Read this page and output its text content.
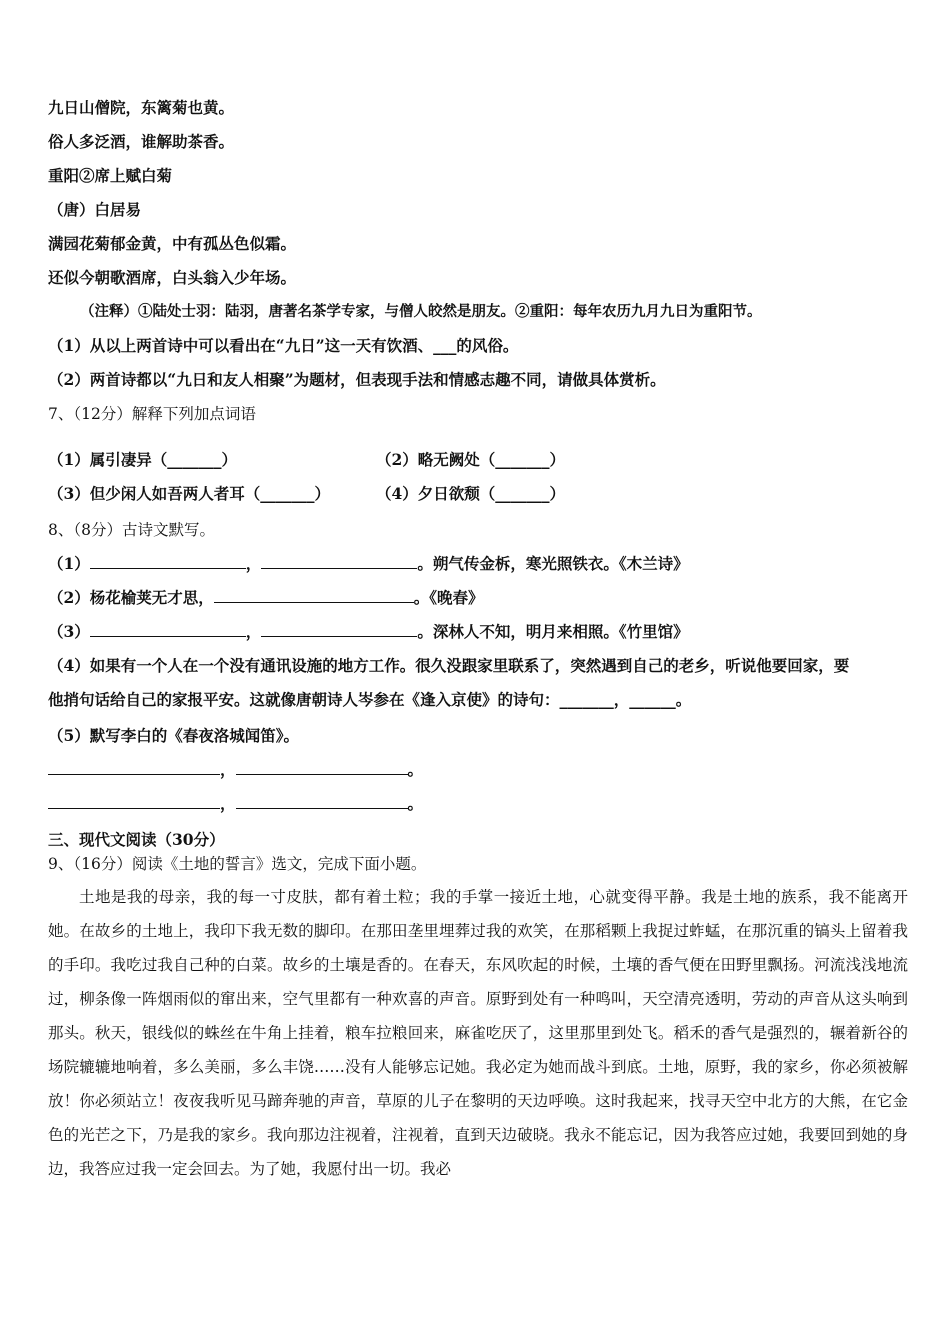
九日山僧院，东篱菊也黄。
俗人多泛酒，谁解助茶香。
重阳②席上赋白菊
（唐）白居易
满园花菊郁金黄，中有孤丛色似霜。
还似今朝歌酒席，白头翁入少年场。
（注释）①陆处士羽：陆羽，唐著名茶学专家，与僧人皎然是朋友。②重阳：每年农历九月九日为重阳节。
（1）从以上两首诗中可以看出在“九日”这一天有饮酒、___的风俗。
（2）两首诗都以“九日和友人相聚”为题材，但表现手法和情感志趣不同，请做具体赏析。
7、（12分）解释下列加点词语
（1）属引凄异（_______）	（2）略无阙处（_______）
（3）但少闲人如吾两人者耳（_______）	（4）夕日欲颓（_______）
8、（8分）古诗文默写。
（1）	，	。朔气传金柝，寒光照铁衣。《木兰诗》
（2）杨花榆荚无才思，	。《晚春》
（3）	，	。深林人不知，明月来相照。《竹里馆》
（4）如果有一个人在一个没有通讯设施的地方工作。很久没跟家里联系了，突然遇到自己的老乡，听说他要回家，要
他捎句话给自己的家报平安。这就像唐朝诗人岑参在《逢入京使》的诗句：_______，______。
（5）默写李白的《春夜洛城闻笛》。
，	。
，	。
三、现代文阅读（30分）
9、（16分）阅读《土地的誓言》选文，完成下面小题。
土地是我的母亲，我的每一寸皮肤，都有着土粒；我的手掌一接近土地，心就变得平静。我是土地的族系，我不能离开她。在故乡的土地上，我印下我无数的脚印。在那田垄里埋葬过我的欢笑，在那稻颗上我捉过蚱蜢，在那沉重的镐头上留着我的手印。我吃过我自己种的白菜。故乡的土壤是香的。在春天，东风吹起的时候，土壤的香气便在田野里飘扬。河流浅浅地流过，柳条像一阵烟雨似的窜出来，空气里都有一种欢喜的声音。原野到处有一种鸣叫，天空清亮透明，劳动的声音从这头响到那头。秋天，银线似的蛛丝在牛角上挂着，粮车拉粮回来，麻雀吃厌了，这里那里到处飞。稻禾的香气是强烈的，辗着新谷的场院辘辘地响着，多么美丽，多么丰饶……没有人能够忘记她。我必定为她而战斗到底。土地，原野，我的家乡，你必须被解放！你必须站立！夜夜我听见马蹄奔驰的声音，草原的儿子在黎明的天边呼唤。这时我起来，找寻天空中北方的大熊，在它金色的光芒之下，乃是我的家乡。我向那边注视着，注视着，直到天边破晓。我永不能忘记，因为我答应过她，我要回到她的身边，我答应过我一定会回去。为了她，我愿付出一切。我必
